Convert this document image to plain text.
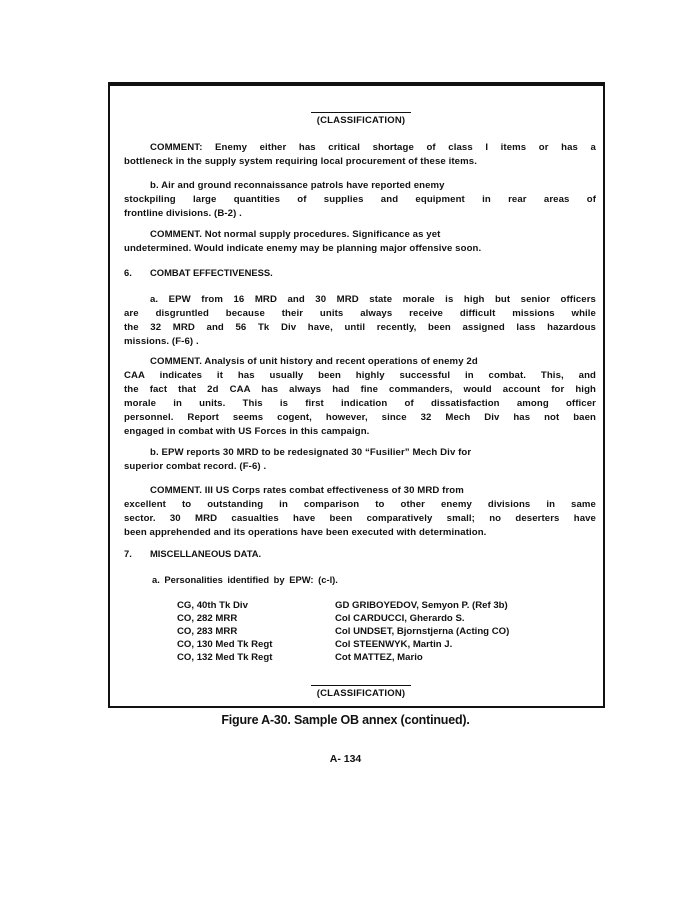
(CLASSIFICATION)
COMMENT: Enemy either has critical shortage of class I items or has a
bottleneck in the supply system requiring local procurement of these items.
b. Air and ground reconnaissance patrols have reported enemy
stockpiling large quantities of supplies and equipment in rear areas of
frontline divisions. (B-2) .
COMMENT. Not normal supply procedures. Significance as yet
undetermined. Would indicate enemy may be planning major offensive soon.
6. COMBAT EFFECTIVENESS.
a. EPW from 16 MRD and 30 MRD state morale is high but senior officers
are disgruntled because their units always receive difficult missions while
the 32 MRD and 56 Tk Div have, until recently, been assigned lass hazardous
missions. (F-6) .
COMMENT. Analysis of unit history and recent operations of enemy 2d
CAA indicates it has usually been highly successful in combat. This, and
the fact that 2d CAA has always had fine commanders, would account for high
morale in units. This is first indication of dissatisfaction among officer
personnel. Report seems cogent, however, since 32 Mech Div has not baen
engaged in combat with US Forces in this campaign.
b. EPW reports 30 MRD to be redesignated 30 “Fusilier” Mech Div for
superior combat record. (F-6) .
COMMENT. III US Corps rates combat effectiveness of 30 MRD from
excellent to outstanding in comparison to other enemy divisions in same
sector. 30 MRD casualties have been comparatively small; no deserters have
been apprehended and its operations have been executed with determination.
7. MISCELLANEOUS DATA.
a. Personalities identified by EPW: (c-l).
CG, 40th Tk Div
CO, 282 MRR
CO, 283 MRR
CO, 130 Med Tk Regt
CO, 132 Med Tk Regt
GD GRIBOYEDOV, Semyon P. (Ref 3b)
Col CARDUCCI, Gherardo S.
Col UNDSET, Bjornstjerna (Acting CO)
Col STEENWYK, Martin J.
Cot MATTEZ, Mario
(CLASSIFICATION)
Figure A-30. Sample OB annex (continued).
A- 134
